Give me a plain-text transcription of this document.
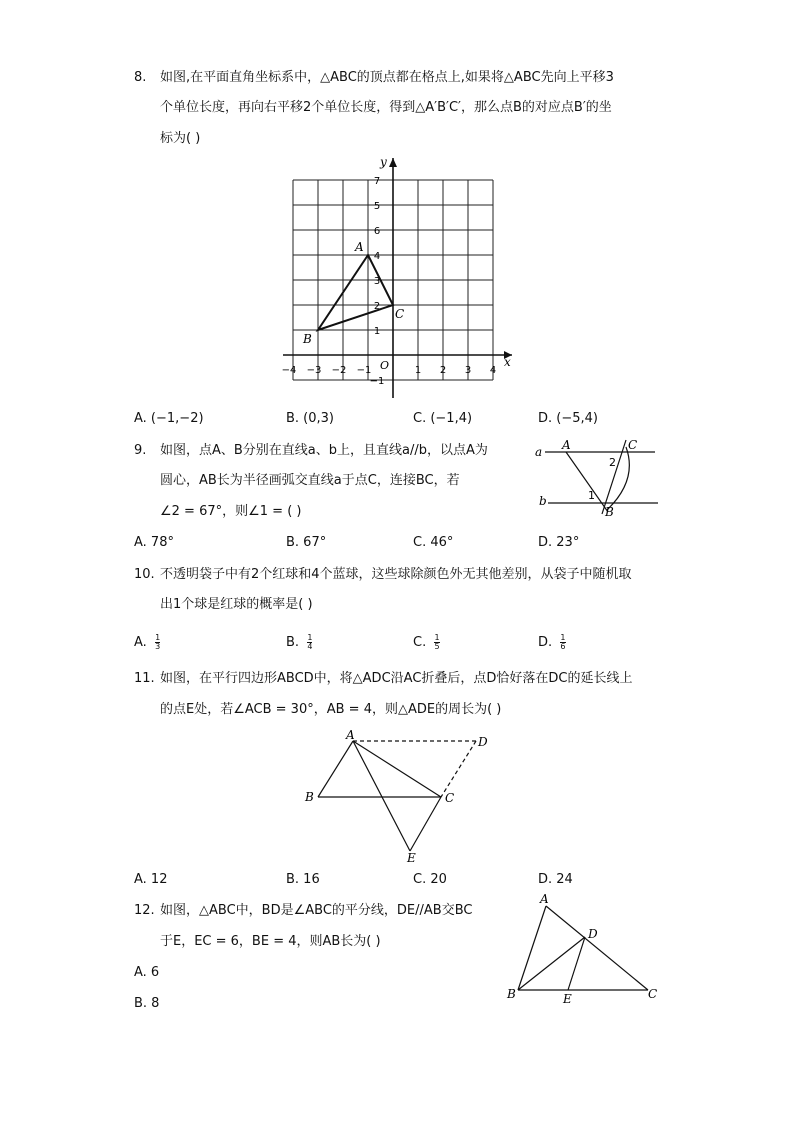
8. 如图,在平面直角坐标系中，△ABC的顶点都在格点上,如果将△ABC先向上平移3
个单位长度，再向右平移2个单位长度，得到△A′B′C′，那么点B的对应点B′的坐
标为( )
x
y
O
−4 −3 −2 −1	1 2 3 4
−1
1
2
3
4
5
6
7
A
B
C
A. (−1,−2)	B. (0,3)	C. (−1,4)	D. (−5,4)
9. 如图，点A、B分别在直线a、b上，且直线a//b，以点A为
圆心，AB长为半径画弧交直线a于点C，连接BC，若
∠2 = 67°，则∠1 = ( )
a
b
A	C
B
2
1
A. 78°	B. 67°	C. 46°	D. 23°
10. 不透明袋子中有2个红球和4个蓝球，这些球除颜色外无其他差别，从袋子中随机取
出1个球是红球的概率是( )
A. $\frac{1}{3}$	B. $\frac{1}{4}$	C. $\frac{1}{5}$	D. $\frac{1}{6}$
11. 如图，在平行四边形ABCD中，将△ADC沿AC折叠后，点D恰好落在DC的延长线上
的点E处，若∠ACB = 30°，AB = 4，则△ADE的周长为( )
A
B	C
D
E
A. 12	B. 16	C. 20	D. 24
12. 如图，△ABC中，BD是∠ABC的平分线，DE//AB交BC
于E，EC = 6，BE = 4，则AB长为( )
A
B	C
D
E
A. 6
B. 8
